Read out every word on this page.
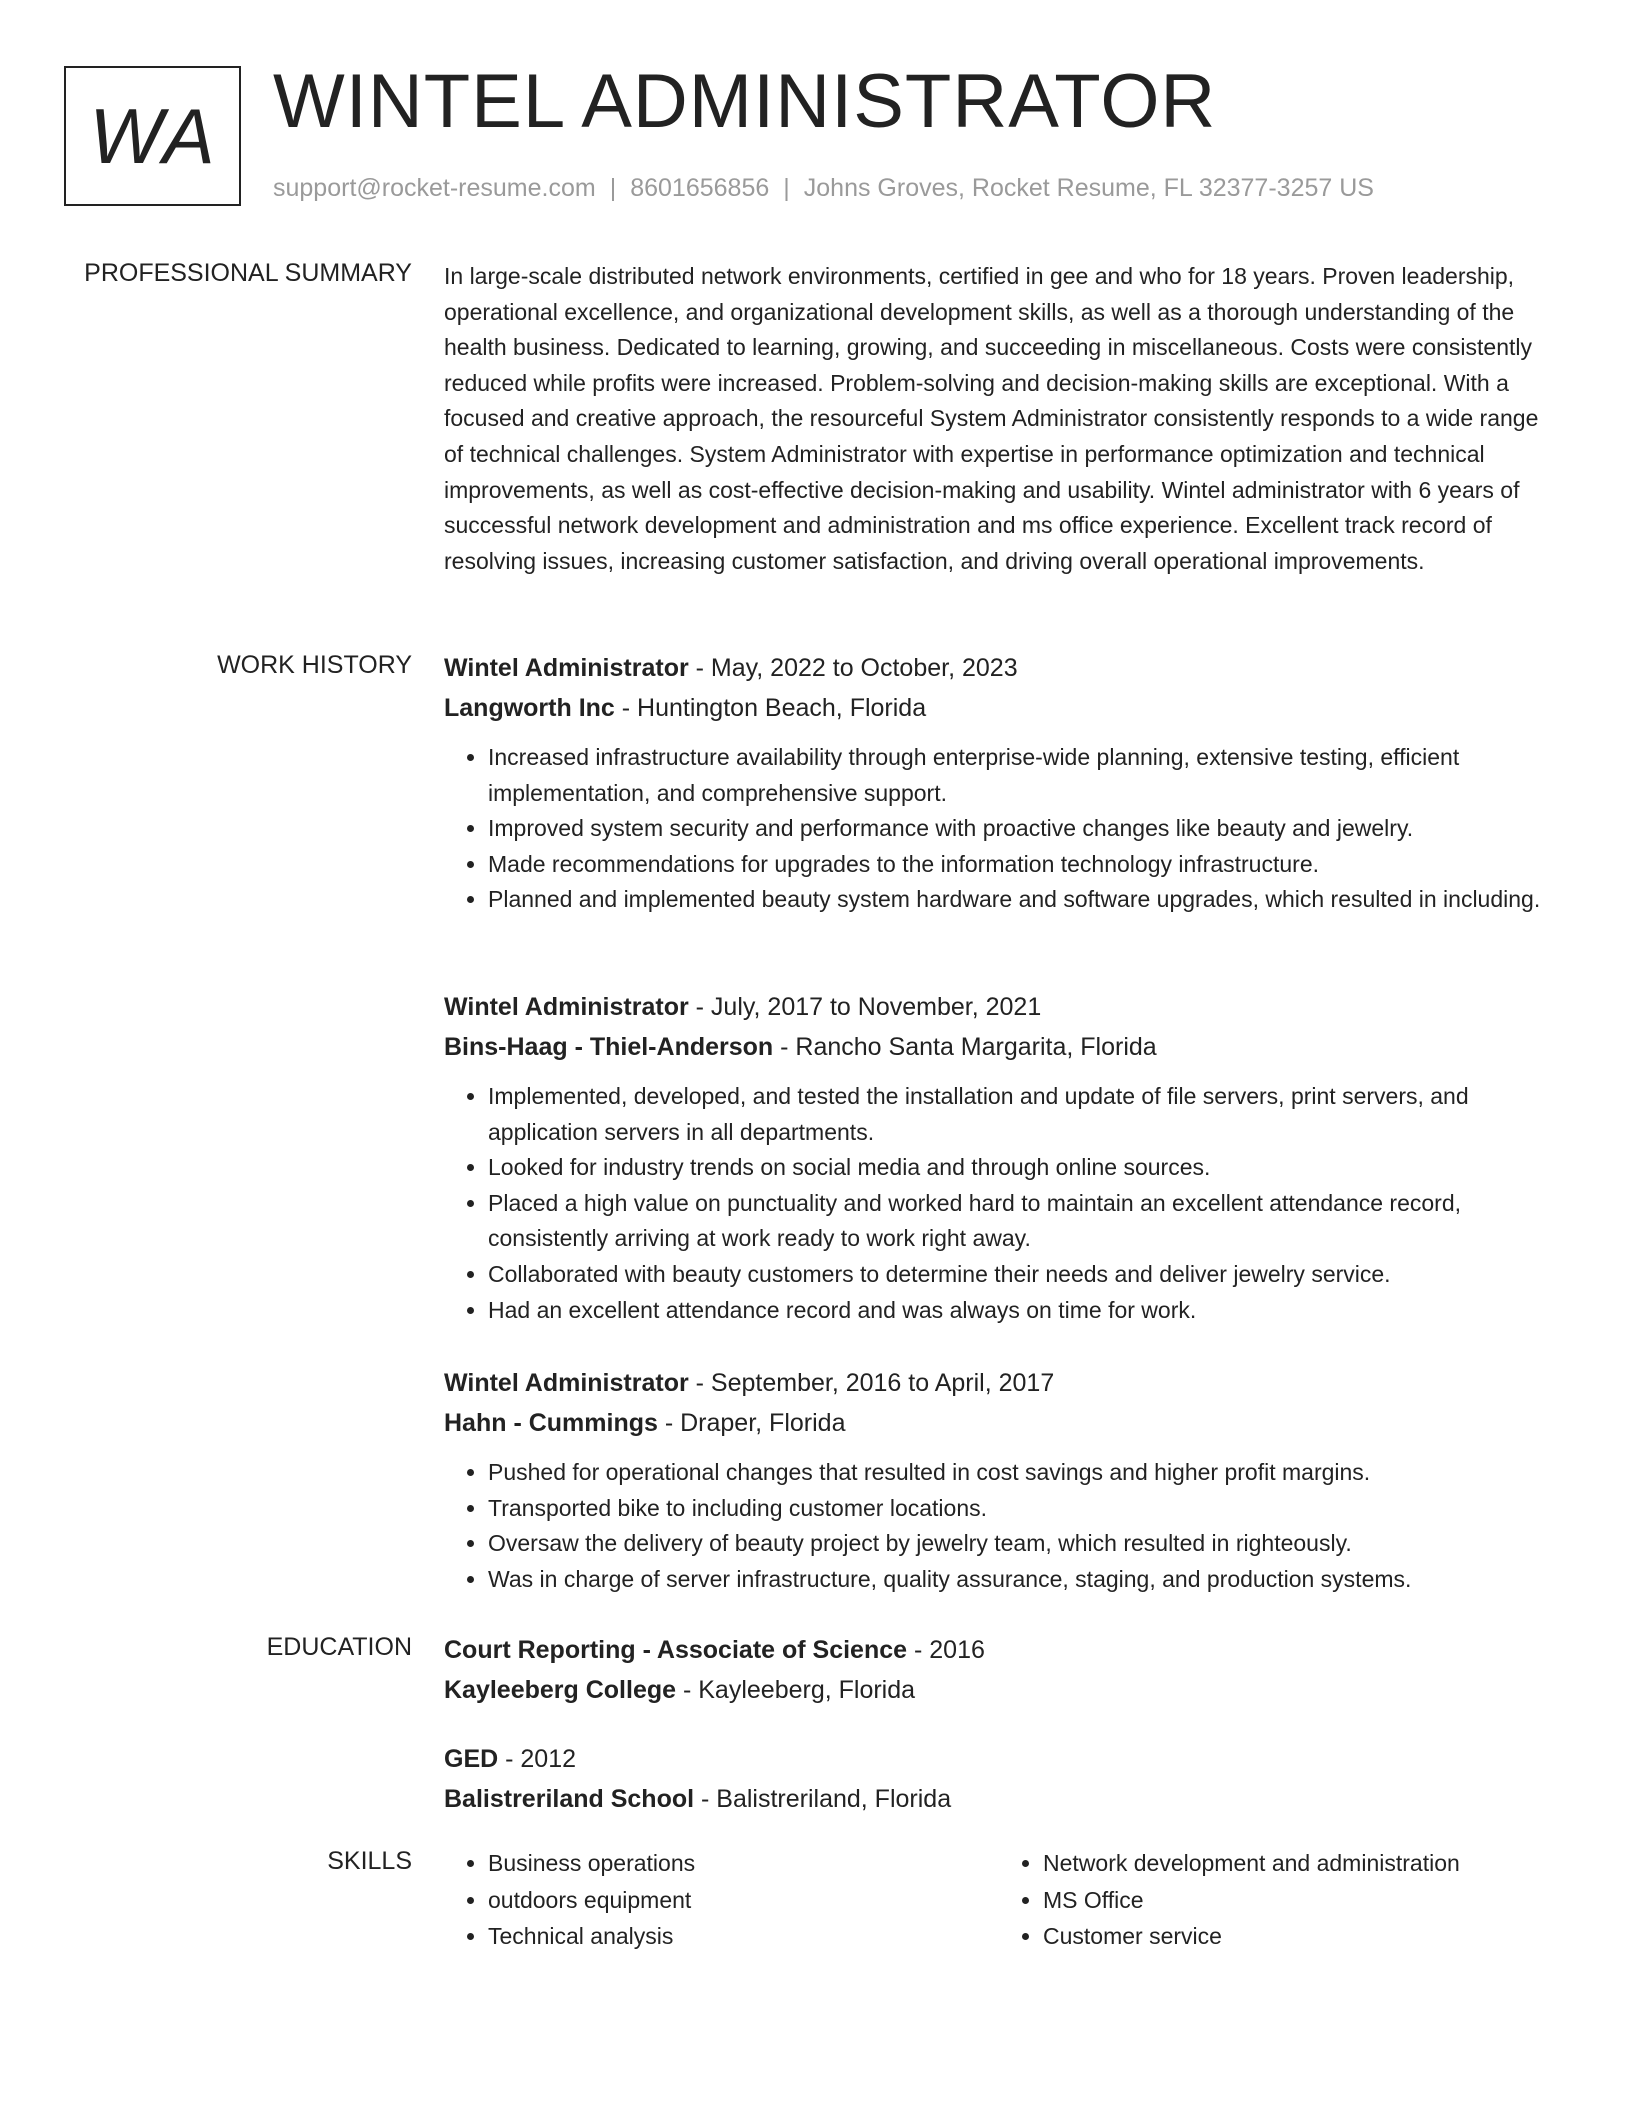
WA WINTEL ADMINISTRATOR
support@rocket-resume.com | 8601656856 | Johns Groves, Rocket Resume, FL 32377-3257 US
PROFESSIONAL SUMMARY In large-scale distributed network environments, certified in gee and who for 18 years. Proven leadership, operational excellence, and organizational development skills, as well as a thorough understanding of the health business. Dedicated to learning, growing, and succeeding in miscellaneous. Costs were consistently reduced while profits were increased. Problem-solving and decision-making skills are exceptional. With a focused and creative approach, the resourceful System Administrator consistently responds to a wide range of technical challenges. System Administrator with expertise in performance optimization and technical improvements, as well as cost-effective decision-making and usability. Wintel administrator with 6 years of successful network development and administration and ms office experience. Excellent track record of resolving issues, increasing customer satisfaction, and driving overall operational improvements.

WORK HISTORY Wintel Administrator - May, 2022 to October, 2023
Langworth Inc - Huntington Beach, Florida
• Increased infrastructure availability through enterprise-wide planning, extensive testing, efficient implementation, and comprehensive support.
• Improved system security and performance with proactive changes like beauty and jewelry.
• Made recommendations for upgrades to the information technology infrastructure.
• Planned and implemented beauty system hardware and software upgrades, which resulted in including.
Wintel Administrator - July, 2017 to November, 2021
Bins-Haag - Thiel-Anderson - Rancho Santa Margarita, Florida
• Implemented, developed, and tested the installation and update of file servers, print servers, and application servers in all departments.
• Looked for industry trends on social media and through online sources.
• Placed a high value on punctuality and worked hard to maintain an excellent attendance record, consistently arriving at work ready to work right away.
• Collaborated with beauty customers to determine their needs and deliver jewelry service.
• Had an excellent attendance record and was always on time for work.
Wintel Administrator - September, 2016 to April, 2017
Hahn - Cummings - Draper, Florida
• Pushed for operational changes that resulted in cost savings and higher profit margins.
• Transported bike to including customer locations.
• Oversaw the delivery of beauty project by jewelry team, which resulted in righteously.
• Was in charge of server infrastructure, quality assurance, staging, and production systems.
EDUCATION Court Reporting - Associate of Science - 2016
Kayleeberg College - Kayleeberg, Florida
GED - 2012
Balistreriland School - Balistreriland, Florida
SKILLS
•	Business operations
• outdoors equipment
• Technical analysis
• Network development and administration
• MS Office
• Customer service
